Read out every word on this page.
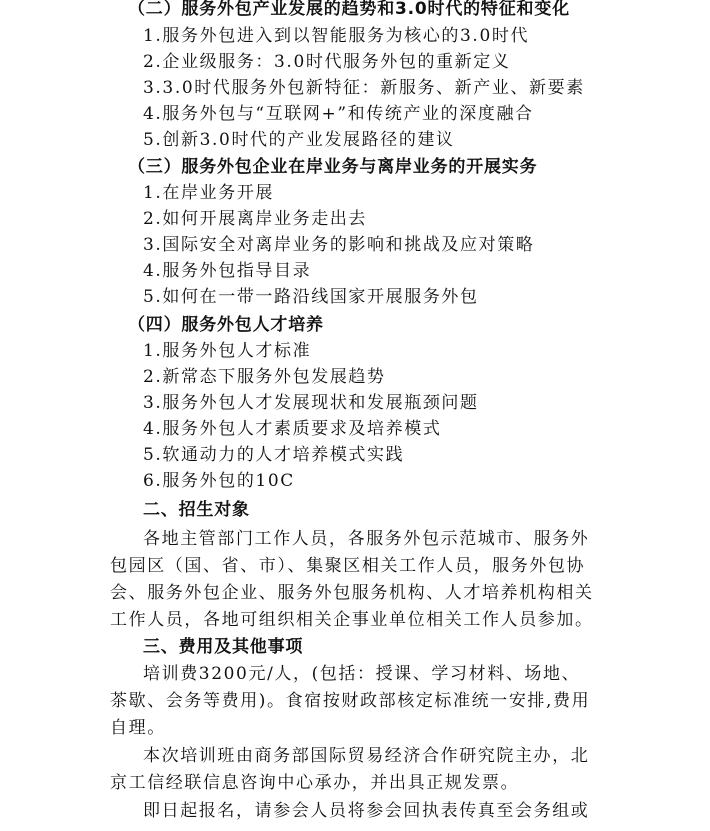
（二）服务外包产业发展的趋势和3.0时代的特征和变化
1.服务外包进入到以智能服务为核心的3.0时代
2.企业级服务：3.0时代服务外包的重新定义
3.3.0时代服务外包新特征：新服务、新产业、新要素
4.服务外包与“互联网+”和传统产业的深度融合
5.创新3.0时代的产业发展路径的建议
（三）服务外包企业在岸业务与离岸业务的开展实务
1.在岸业务开展
2.如何开展离岸业务走出去
3.国际安全对离岸业务的影响和挑战及应对策略
4.服务外包指导目录
5.如何在一带一路沿线国家开展服务外包
（四）服务外包人才培养
1.服务外包人才标准
2.新常态下服务外包发展趋势
3.服务外包人才发展现状和发展瓶颈问题
4.服务外包人才素质要求及培养模式
5.软通动力的人才培养模式实践
6.服务外包的10C
二、招生对象
各地主管部门工作人员，各服务外包示范城市、服务外
包园区（国、省、市）、集聚区相关工作人员，服务外包协
会、服务外包企业、服务外包服务机构、人才培养机构相关
工作人员，各地可组织相关企事业单位相关工作人员参加。
三、费用及其他事项
培训费3200元/人，(包括：授课、学习材料、场地、
茶歇、会务等费用)。食宿按财政部核定标准统一安排,费用
自理。
本次培训班由商务部国际贸易经济合作研究院主办，北
京工信经联信息咨询中心承办，并出具正规发票。
即日起报名，请参会人员将参会回执表传真至会务组或
